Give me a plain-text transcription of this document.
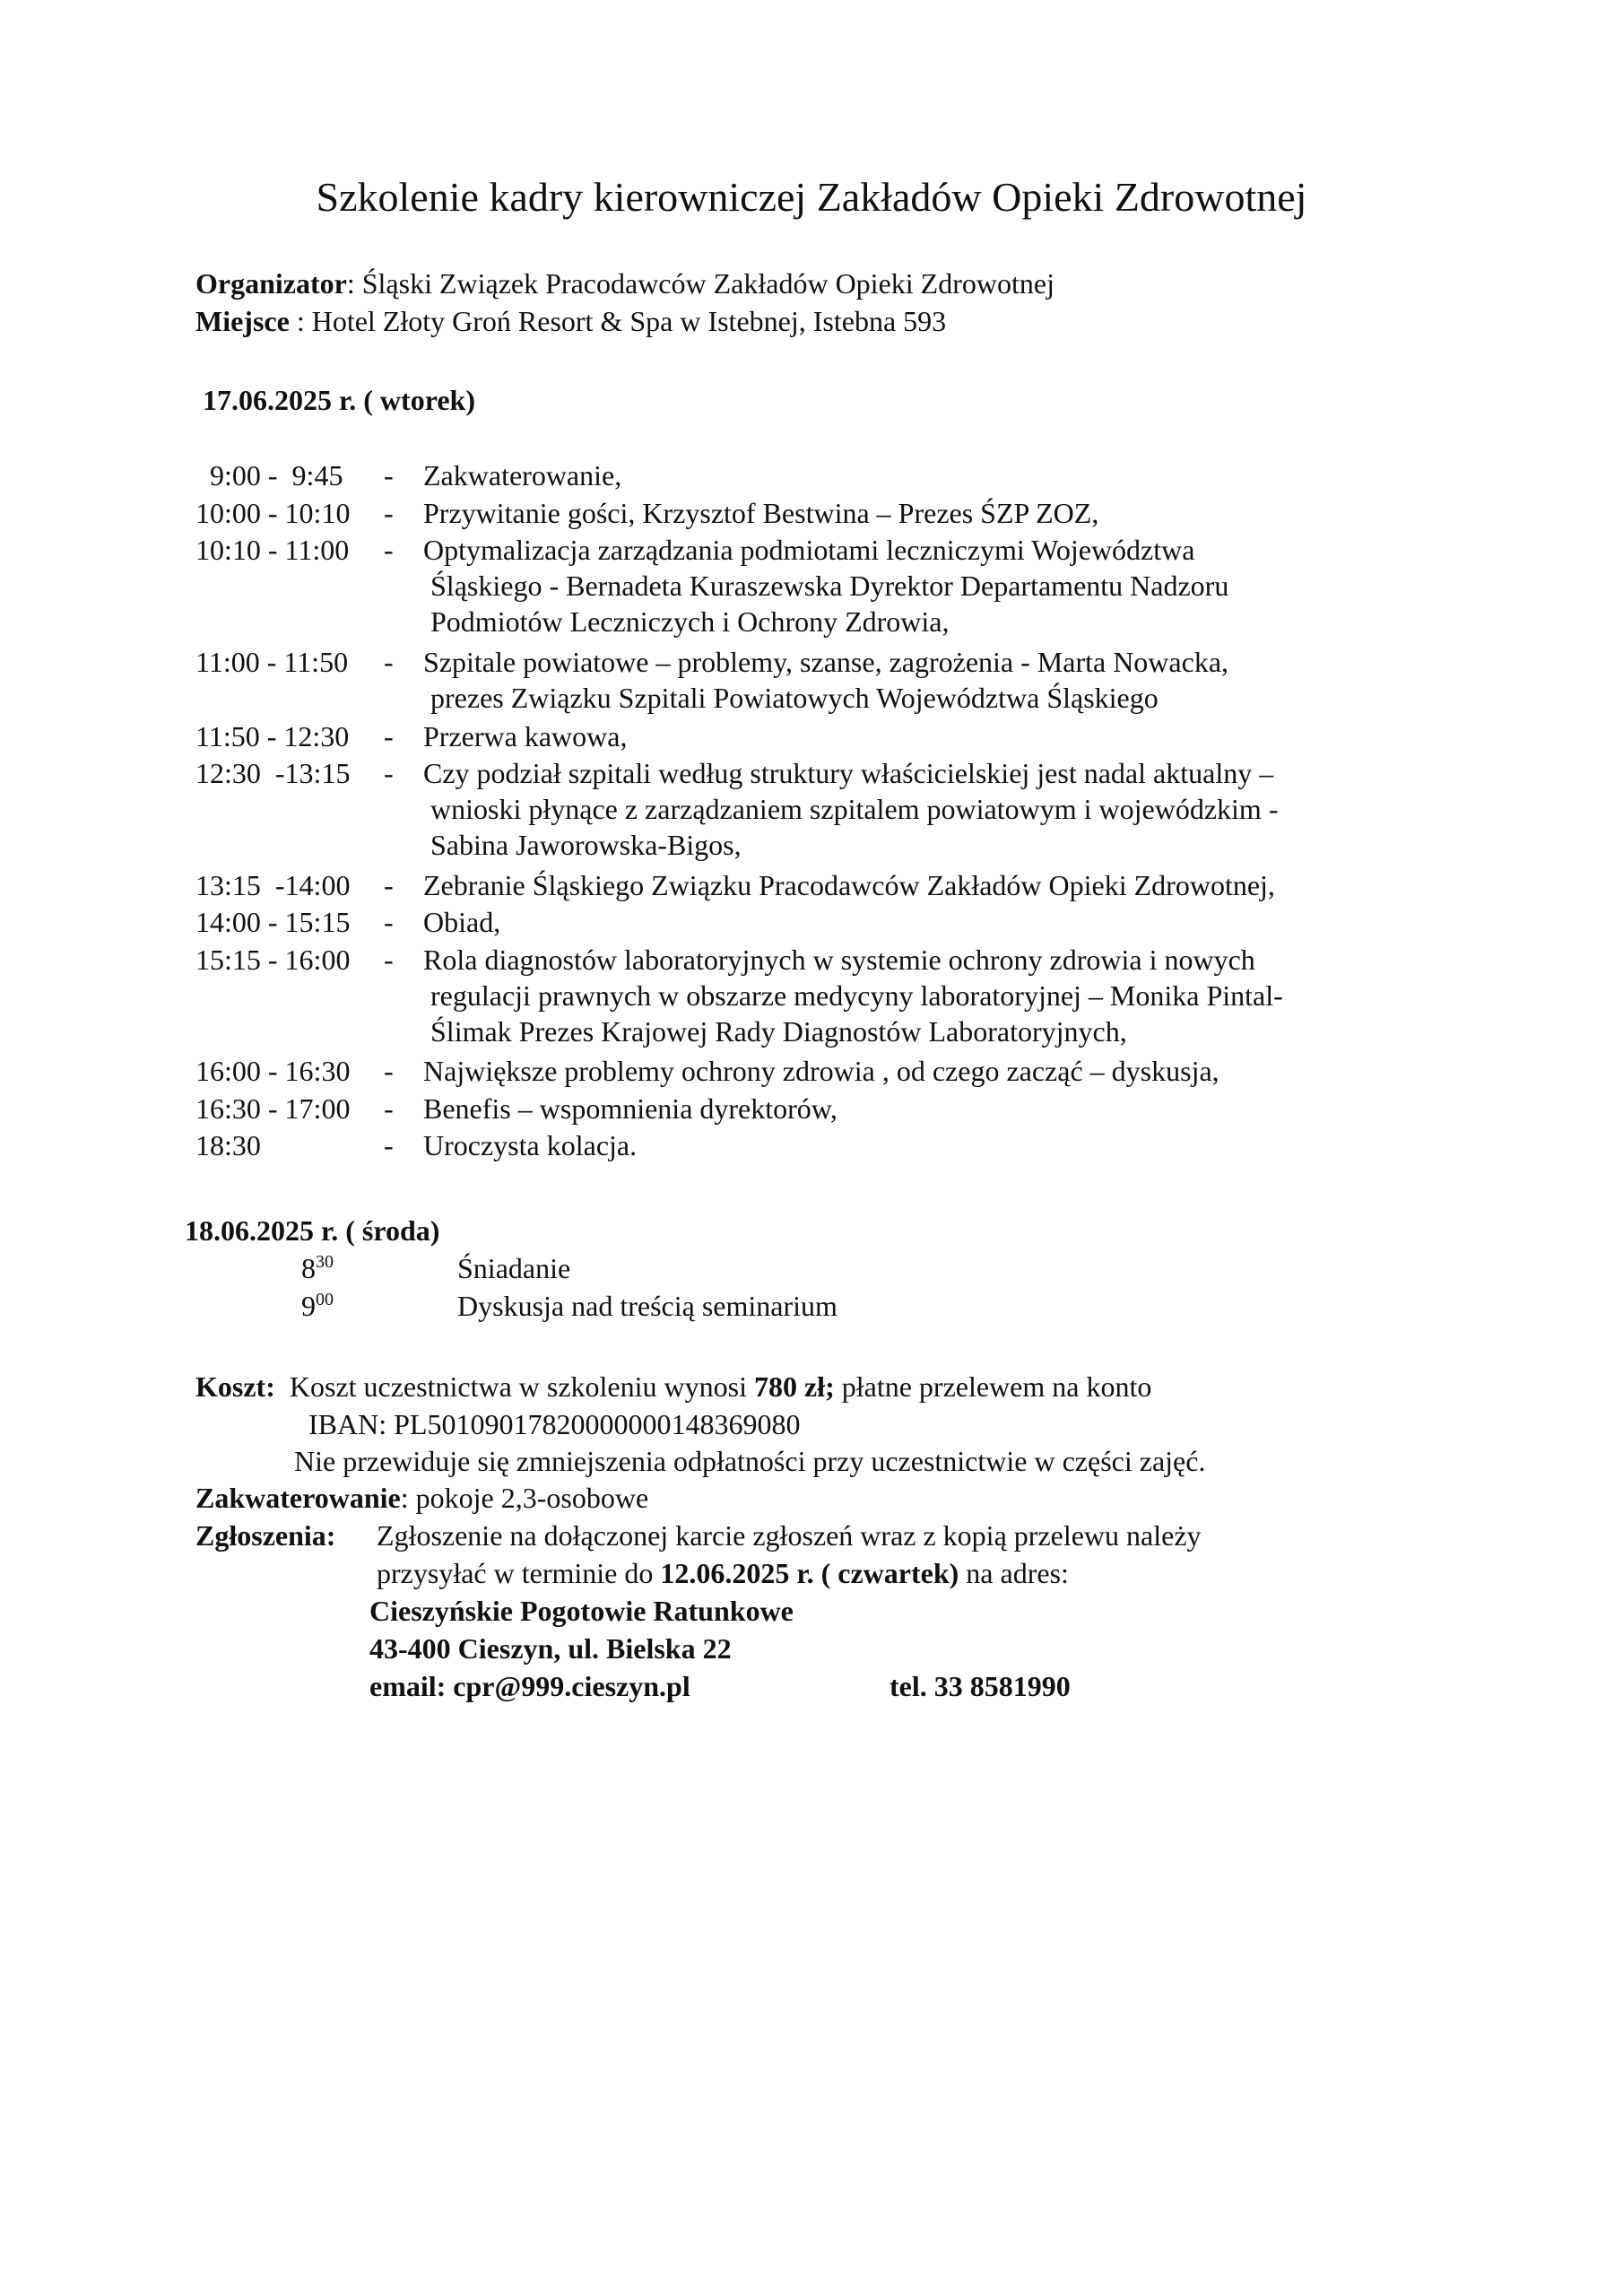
Szkolenie kadry kierowniczej Zakładów Opieki Zdrowotnej
Organizator: Śląski Związek Pracodawców Zakładów Opieki Zdrowotnej
Miejsce : Hotel Złoty Groń Resort & Spa w Istebnej, Istebna 593
17.06.2025 r. ( wtorek)
9:00 -  9:45 - Zakwaterowanie,
10:00 - 10:10 - Przywitanie gości, Krzysztof Bestwina – Prezes ŚZP ZOZ,
10:10 - 11:00 - Optymalizacja zarządzania podmiotami leczniczymi Województwa
Śląskiego - Bernadeta Kuraszewska Dyrektor Departamentu Nadzoru
Podmiotów Leczniczych i Ochrony Zdrowia,
11:00 - 11:50 - Szpitale powiatowe – problemy, szanse, zagrożenia - Marta Nowacka,
prezes Związku Szpitali Powiatowych Województwa Śląskiego
11:50 - 12:30 - Przerwa kawowa,
12:30  -13:15 - Czy podział szpitali według struktury właścicielskiej jest nadal aktualny –
wnioski płynące z zarządzaniem szpitalem powiatowym i wojewódzkim -
Sabina Jaworowska-Bigos,
13:15  -14:00 - Zebranie Śląskiego Związku Pracodawców Zakładów Opieki Zdrowotnej,
14:00 - 15:15 - Obiad,
15:15 - 16:00 - Rola diagnostów laboratoryjnych w systemie ochrony zdrowia i nowych
regulacji prawnych w obszarze medycyny laboratoryjnej – Monika Pintal-
Ślimak Prezes Krajowej Rady Diagnostów Laboratoryjnych,
16:00 - 16:30 - Największe problemy ochrony zdrowia , od czego zacząć – dyskusja,
16:30 - 17:00 - Benefis – wspomnienia dyrektorów,
18:30	- Uroczysta kolacja.
18.06.2025 r. ( środa)
$8^{30}$	Śniadanie
$9^{00}$	Dyskusja nad treścią seminarium
Koszt: Koszt uczestnictwa w szkoleniu wynosi 780 zł; płatne przelewem na konto
IBAN: PL50109017820000000148369080
Nie przewiduje się zmniejszenia odpłatności przy uczestnictwie w części zajęć.
Zakwaterowanie: pokoje 2,3-osobowe
Zgłoszenia: Zgłoszenie na dołączonej karcie zgłoszeń wraz z kopią przelewu należy
przysyłać w terminie do 12.06.2025 r. ( czwartek) na adres:
Cieszyńskie Pogotowie Ratunkowe
43-400 Cieszyn, ul. Bielska 22
email: cpr@999.cieszyn.pl	tel. 33 8581990
